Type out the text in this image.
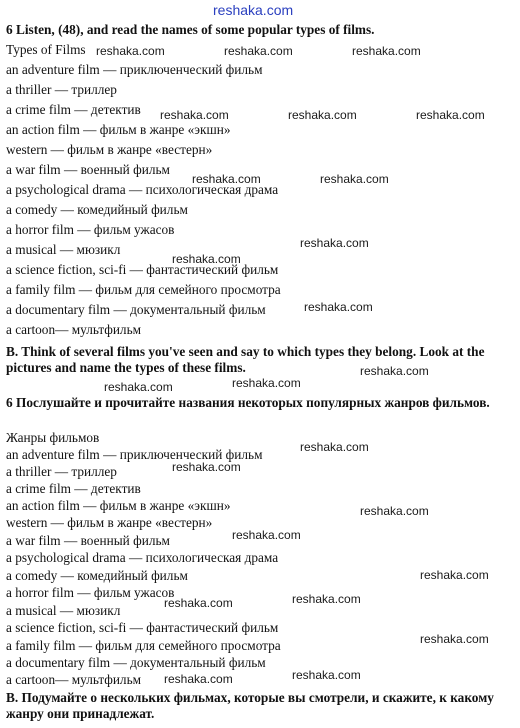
reshaka.com
6 Listen, (48), and read the names of some popular types of films.
Types of Films
an adventure film — приключенческий фильм
a thriller — триллер
a crime film — детектив
an action film — фильм в жанре «экшн»
western — фильм в жанре «вестерн»
a war film — военный фильм
a psychological drama — психологическая драма
a comedy — комедийный фильм
a horror film — фильм ужасов
a musical — мюзикл
a science fiction, sci-fi — фантастический фильм
a family film — фильм для семейного просмотра
a documentary film — документальный фильм
a cartoon— мультфильм
B. Think of several films you've seen and say to which types they belong. Look at the pictures and name the types of these films.
6 Послушайте и прочитайте названия некоторых популярных жанров фильмов.
Жанры фильмов
an adventure film — приключенческий фильм
a thriller — триллер
a crime film — детектив
an action film — фильм в жанре «экшн»
western — фильм в жанре «вестерн»
a war film — военный фильм
a psychological drama — психологическая драма
a comedy — комедийный фильм
a horror film — фильм ужасов
a musical — мюзикл
a science fiction, sci-fi — фантастический фильм
a family film — фильм для семейного просмотра
a documentary film — документальный фильм
a cartoon— мультфильм
B. Подумайте о нескольких фильмах, которые вы смотрели, и скажите, к какому жанру они принадлежат.
reshaka.com	reshaka.com	reshaka.com
reshaka.com	reshaka.com	reshaka.com
reshaka.com	reshaka.com
reshaka.com
reshaka.com
reshaka.com
reshaka.com
reshaka.com
reshaka.com
reshaka.com
reshaka.com
reshaka.com
reshaka.com
reshaka.com
reshaka.com	reshaka.com
reshaka.com
reshaka.com
reshaka.com
